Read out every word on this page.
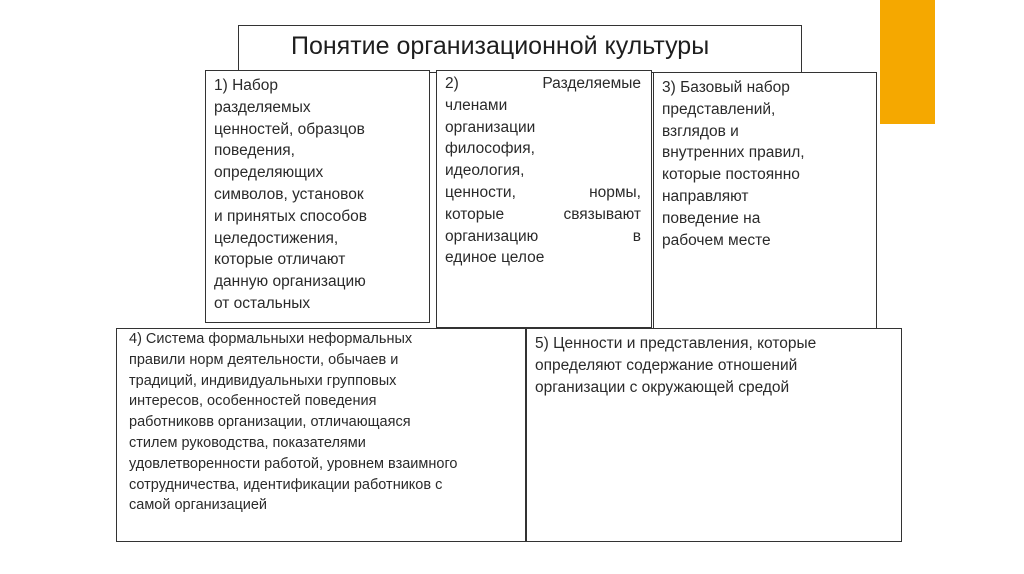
Понятие организационной культуры

1) Набор
разделяемых
ценностей, образцов
поведения,
определяющих
символов, установок
и принятых способов
целедостижения,
которые отличают
данную организацию
от остальных

2)         Разделяемые
членами
организации
философия,
идеология,
ценности,         нормы,
которые     связывают
организацию           в
единое целое

3) Базовый набор
представлений,
взглядов и
внутренних правил,
которые постоянно
направляют
поведение на
рабочем месте

4) Система формальныхи неформальных
правили норм деятельности, обычаев и
традиций, индивидуальныхи групповых
интересов, особенностей поведения
работниковв организации, отличающаяся
стилем руководства, показателями
удовлетворенности работой, уровнем взаимного
сотрудничества, идентификации работников с
самой организацией

5) Ценности и представления, которые
определяют содержание отношений
организации с окружающей средой
